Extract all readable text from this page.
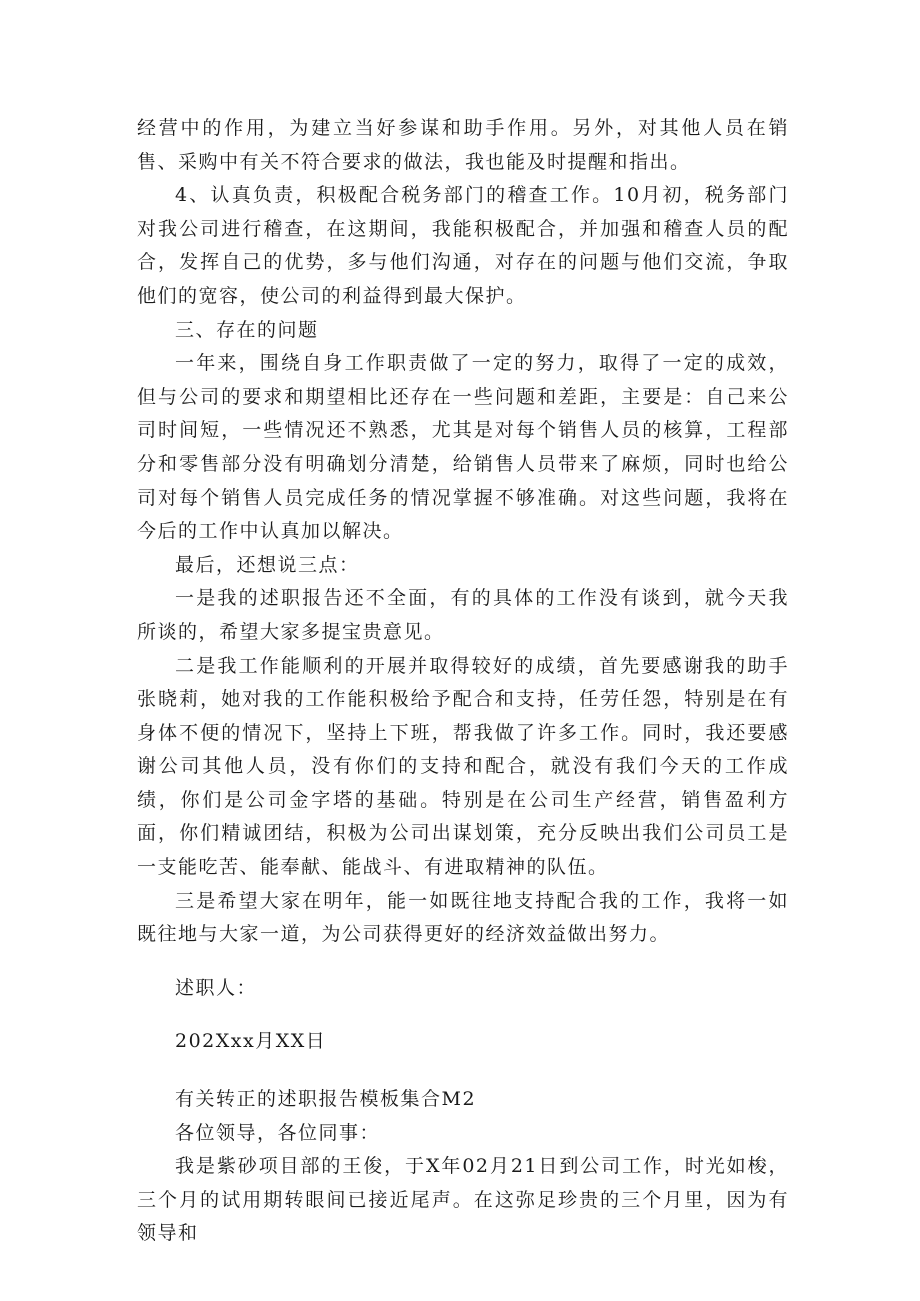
经营中的作用，为建立当好参谋和助手作用。另外，对其他人员在销售、采购中有关不符合要求的做法，我也能及时提醒和指出。

4、认真负责，积极配合税务部门的稽查工作。10月初，税务部门对我公司进行稽查，在这期间，我能积极配合，并加强和稽查人员的配合，发挥自己的优势，多与他们沟通，对存在的问题与他们交流，争取他们的宽容，使公司的利益得到最大保护。

三、存在的问题

一年来，围绕自身工作职责做了一定的努力，取得了一定的成效，但与公司的要求和期望相比还存在一些问题和差距，主要是：自己来公司时间短，一些情况还不熟悉，尤其是对每个销售人员的核算，工程部分和零售部分没有明确划分清楚，给销售人员带来了麻烦，同时也给公司对每个销售人员完成任务的情况掌握不够准确。对这些问题，我将在今后的工作中认真加以解决。

最后，还想说三点：

一是我的述职报告还不全面，有的具体的工作没有谈到，就今天我所谈的，希望大家多提宝贵意见。

二是我工作能顺利的开展并取得较好的成绩，首先要感谢我的助手张晓莉，她对我的工作能积极给予配合和支持，任劳任怨，特别是在有身体不便的情况下，坚持上下班，帮我做了许多工作。同时，我还要感谢公司其他人员，没有你们的支持和配合，就没有我们今天的工作成绩，你们是公司金字塔的基础。特别是在公司生产经营，销售盈利方面，你们精诚团结，积极为公司出谋划策，充分反映出我们公司员工是一支能吃苦、能奉献、能战斗、有进取精神的队伍。

三是希望大家在明年，能一如既往地支持配合我的工作，我将一如既往地与大家一道，为公司获得更好的经济效益做出努力。

述职人：

202Xxx月XX日

有关转正的述职报告模板集合M2

各位领导，各位同事：

我是紫砂项目部的王俊，于X年02月21日到公司工作，时光如梭，三个月的试用期转眼间已接近尾声。在这弥足珍贵的三个月里，因为有领导和
